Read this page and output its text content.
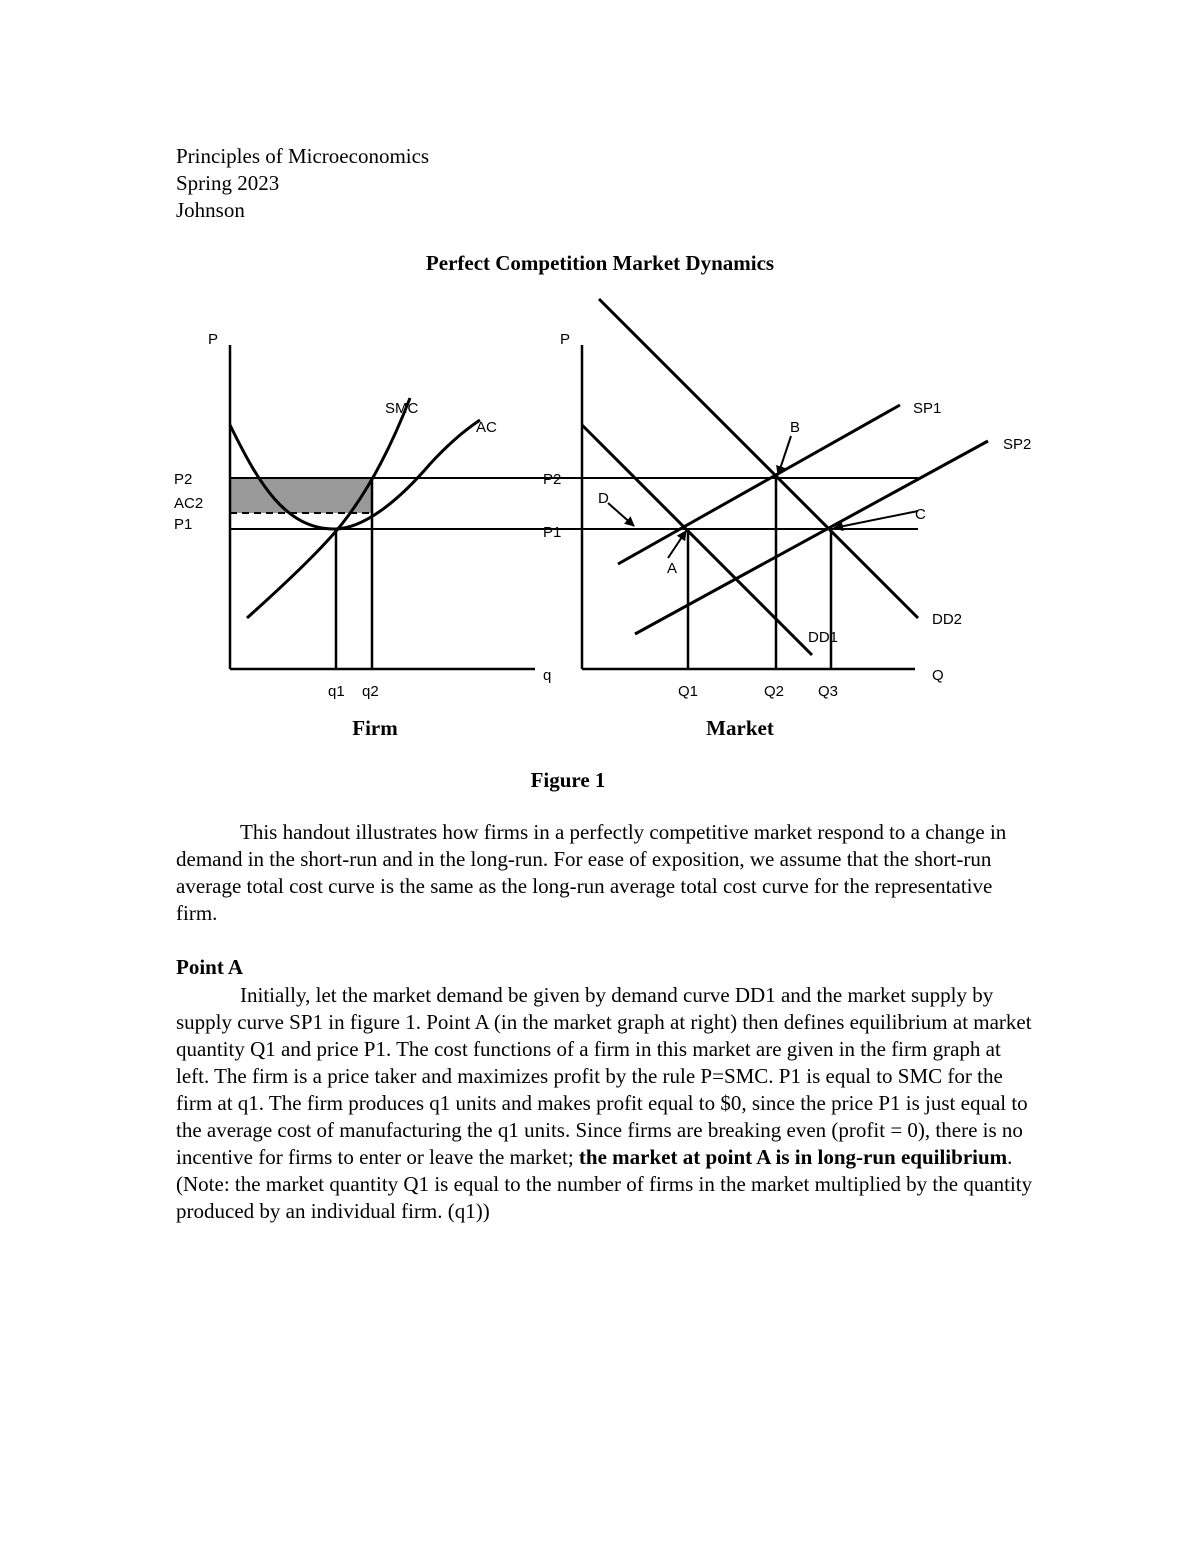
Principles of Microeconomics
Spring 2023
Johnson
Perfect Competition Market Dynamics
P
q
SMC
AC
P2
AC2
P1
q1 q2
Firm
P
Q
P2
P1
SP1
SP2
DD1
DD2
A
B
C
D
Q1	Q2 Q3
Market
Figure 1

This handout illustrates how firms in a perfectly competitive market respond to a change in demand in the short-run and in the long-run. For ease of exposition, we assume that the short-run average total cost curve is the same as the long-run average total cost curve for the representative firm.

Point A

Initially, let the market demand be given by demand curve DD1 and the market supply by supply curve SP1 in figure 1. Point A (in the market graph at right) then defines equilibrium at market quantity Q1 and price P1. The cost functions of a firm in this market are given in the firm graph at left. The firm is a price taker and maximizes profit by the rule P=SMC. P1 is equal to SMC for the firm at q1. The firm produces q1 units and makes profit equal to $0, since the price P1 is just equal to the average cost of manufacturing the q1 units. Since firms are breaking even (profit = 0), there is no incentive for firms to enter or leave the market; the market at point A is in long-run equilibrium. (Note: the market quantity Q1 is equal to the number of firms in the market multiplied by the quantity produced by an individual firm. (q1))
